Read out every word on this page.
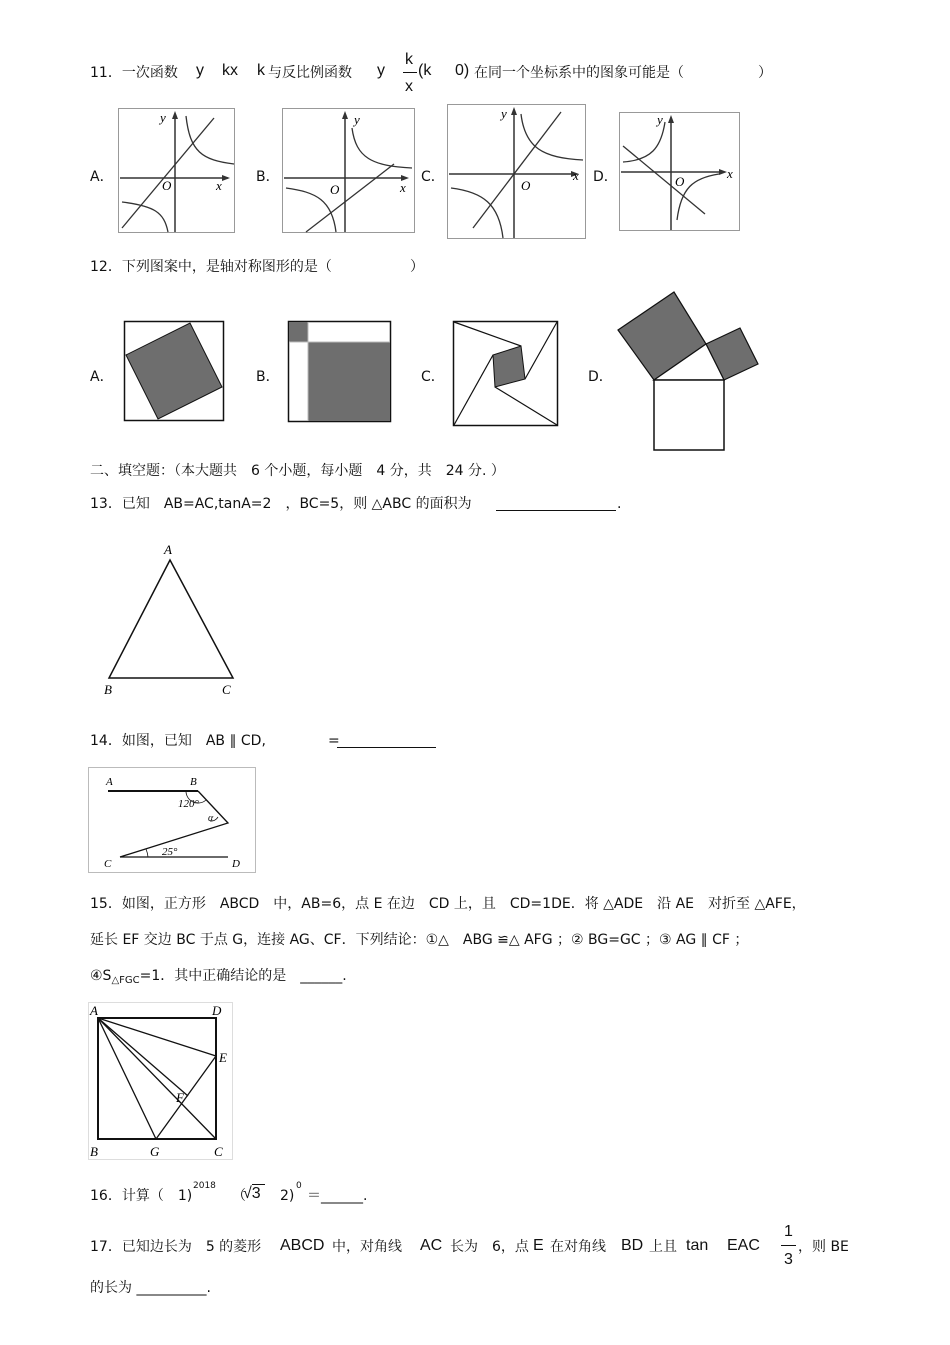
11．一次函数 y kx k 与反比例函数 y
k
x
(k 0) 在同一个坐标系中的图象可能是（	）
A．	B．	C．	D．
x
y
O	x
y
O
x
y
O
x
y
O
12．下列图案中，是轴对称图形的是（	）
A．	B．	C．	D．
二、填空题：（本大题共　6 个小题，每小题　4 分，共　24 分. ）
13．已知　AB=AC,tanA=2　，BC=5，则 △ABC 的面积为	.
A
B	C
14．如图，已知　AB ∥ CD,	=
A	B
C	D
120°
α
25°
15．如图，正方形　ABCD　中，AB=6，点 E 在边　CD 上，且　CD=1DE．将 △ADE　沿 AE　对折至 △AFE，
延长 EF 交边 BC 于点 G，连接 AG、CF．下列结论：①△　ABG ≌△ AFG ；② BG=GC ；③ AG ∥ CF ；
$④S_{\triangle FGC}=1$．其中正确结论的是　______.
A	D
E
F
B	G	C
16．计算（　1)
2018
（
√3 　2)
0
＝______.
17．已知边长为　5 的菱形 ABCD 中，对角线 AC 长为　6，点 E 在对角线 BD 上且 tan EAC
1
3
，则 BE
的长为 __________.
